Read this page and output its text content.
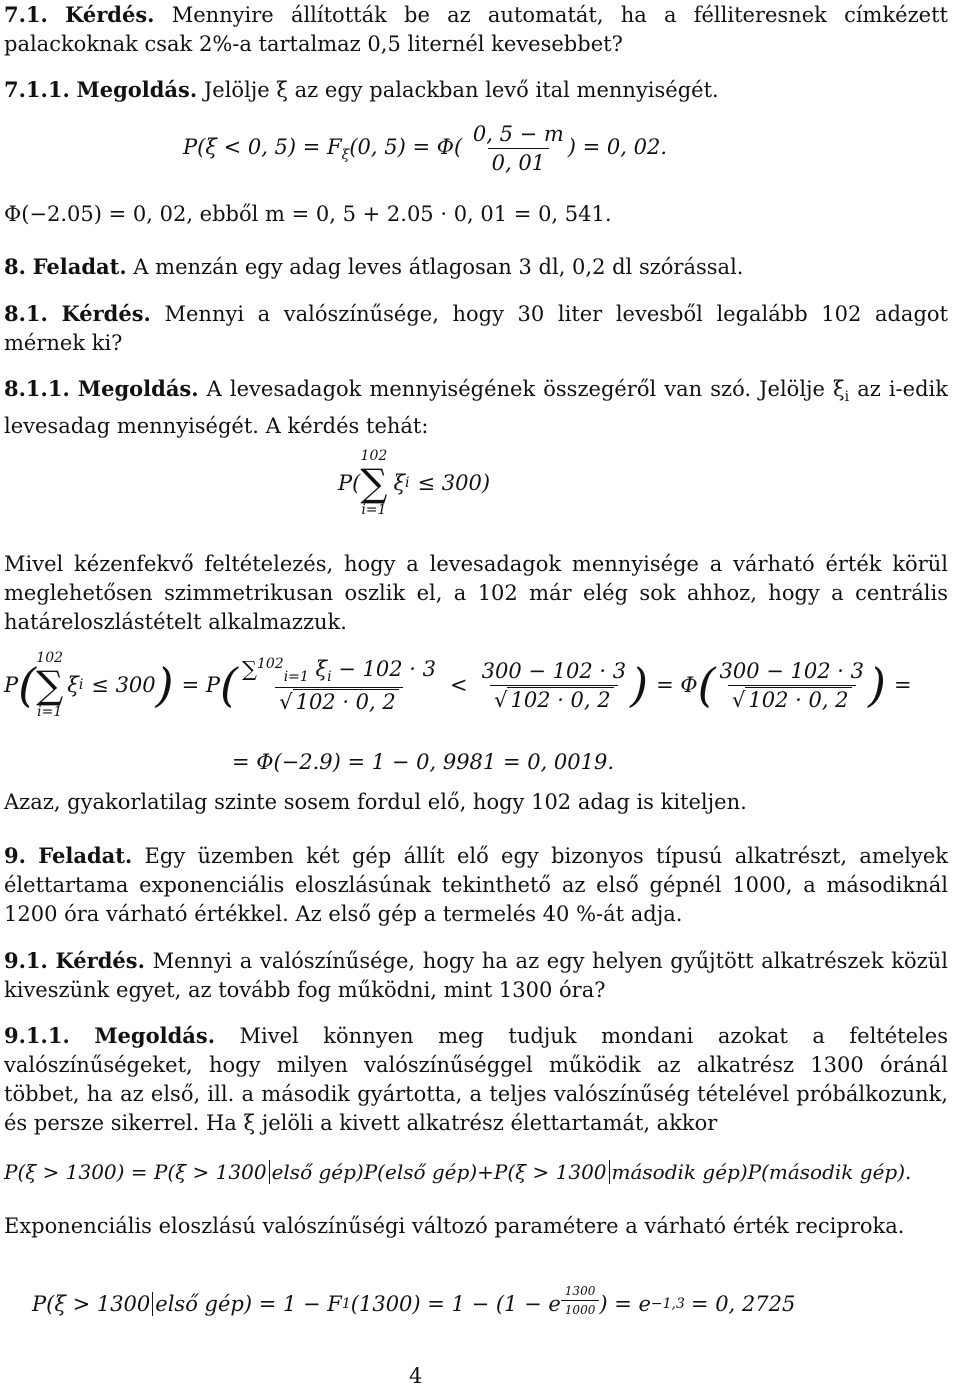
7.1. Kérdés. Mennyire állították be az automatát, ha a félliteresnek címkézett palackoknak csak 2%-a tartalmaz 0,5 liternél kevesebbet?
7.1.1. Megoldás. Jelölje ξ az egy palackban levő ital mennyiségét.
P(ξ < 0, $5) = F_\xi(0$, $5) = \Phi( \frac{0, 5 - m}{0, 01}$ ) = 0, 02.
Φ(−2.05) = 0, 02, ebből m = 0, 5 + 2.05 · 0, 01 = 0, 541.
8. Feladat. A menzán egy adag leves átlagosan 3 dl, 0,2 dl szórással.
8.1. Kérdés. Mennyi a valószínűsége, hogy 30 liter levesből legalább 102 adagot mérnek ki?
8.1.1. Megoldás. A levesadagok mennyiségének összegéről van szó. Jelölje $\xi_i$ az i-edik levesadag mennyiségét. A kérdés tehát:
P(
102
∑
i=1
ξ i ≤ 300)
Mivel kézenfekvő feltételezés, hogy a levesadagok mennyisége a várható érték körül meglehetősen szimmetrikusan oszlik el, a 102 már elég sok ahhoz, hogy a centrális határeloszlástételt alkalmazzuk.
P ( 102
∑
i=1
ξ i ≤ 300 ) = P ( $\frac{\sum^{102}_{i=1} \xi_i - 102 \cdot 3}{√ 102 \cdot 0, 2} < \frac{300 - 102 \cdot 3}{√ 102 \cdot 0, 2}$ ) = Φ ( $\frac{300 - 102 \cdot 3}{√ 102 \cdot 0, 2}$ ) =
= Φ(−2.9) = 1 − 0, 9981 = 0, 0019.
Azaz, gyakorlatilag szinte sosem fordul elő, hogy 102 adag is kiteljen.
9. Feladat. Egy üzemben két gép állít elő egy bizonyos típusú alkatrészt, amelyek élettartama exponenciális eloszlásúnak tekinthető az első gépnél 1000, a másodiknál 1200 óra várható értékkel. Az első gép a termelés 40 %-át adja.
9.1. Kérdés. Mennyi a valószínűsége, hogy ha az egy helyen gyűjtött alkatrészek közül kiveszünk egyet, az tovább fog működni, mint 1300 óra?
9.1.1. Megoldás. Mivel könnyen meg tudjuk mondani azokat a feltételes valószínűségeket, hogy milyen valószínűséggel működik az alkatrész 1300 óránál többet, ha az első, ill. a második gyártotta, a teljes valószínűség tételével próbálkozunk, és persze sikerrel. Ha ξ jelöli a kivett alkatrész élettartamát, akkor
P(ξ > 1300) = P(ξ > 1300 első gép)P(első gép)+P(ξ > 1300 második gép)P(második gép).
Exponenciális eloszlású valószínűségi változó paramétere a várható érték reciproka.
P(ξ > 1300 első gép) = 1 − F 1 (1300) = 1 − (1 − e $\frac{1300}{1000}$ ) = e −1,3 = 0, 2725
4
